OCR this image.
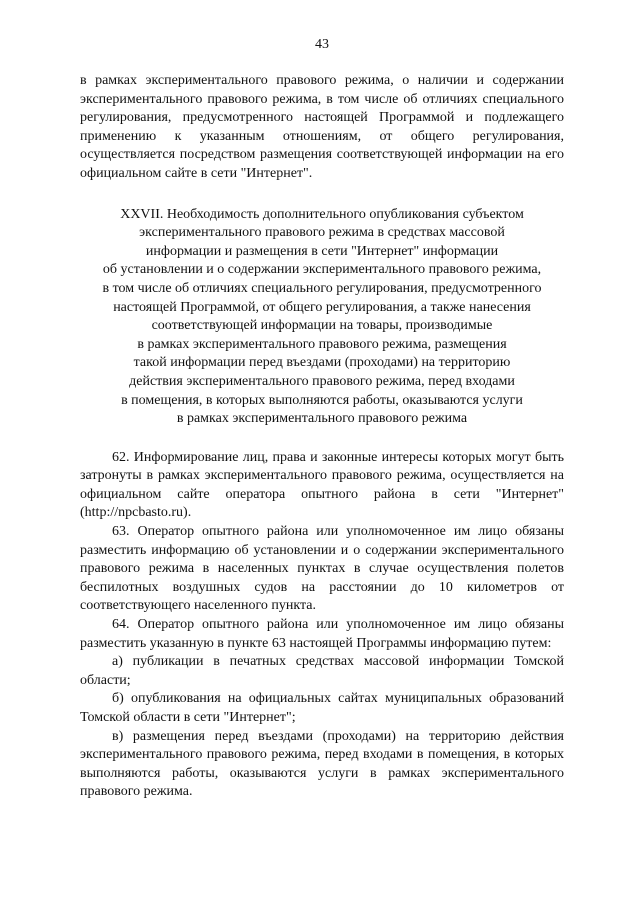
43

в рамках экспериментального правового режима, о наличии и содержании экспериментального правового режима, в том числе об отличиях специального регулирования, предусмотренного настоящей Программой и подлежащего применению к указанным отношениям, от общего регулирования, осуществляется посредством размещения соответствующей информации на его официальном сайте в сети "Интернет".

XXVII. Необходимость дополнительного опубликования субъектом
экспериментального правового режима в средствах массовой
информации и размещения в сети "Интернет" информации
об установлении и о содержании экспериментального правового режима,
в том числе об отличиях специального регулирования, предусмотренного
настоящей Программой, от общего регулирования, а также нанесения
соответствующей информации на товары, производимые
в рамках экспериментального правового режима, размещения
такой информации перед въездами (проходами) на территорию
действия экспериментального правового режима, перед входами
в помещения, в которых выполняются работы, оказываются услуги
в рамках экспериментального правового режима

62. Информирование лиц, права и законные интересы которых могут быть затронуты в рамках экспериментального правового режима, осуществляется на официальном сайте оператора опытного района в сети "Интернет" (http://npcbasto.ru).

63. Оператор опытного района или уполномоченное им лицо обязаны разместить информацию об установлении и о содержании экспериментального правового режима в населенных пунктах в случае осуществления полетов беспилотных воздушных судов на расстоянии до 10 километров от соответствующего населенного пункта.

64. Оператор опытного района или уполномоченное им лицо обязаны разместить указанную в пункте 63 настоящей Программы информацию путем:

а) публикации в печатных средствах массовой информации Томской области;

б) опубликования на официальных сайтах муниципальных образований Томской области в сети "Интернет";

в) размещения перед въездами (проходами) на территорию действия экспериментального правового режима, перед входами в помещения, в которых выполняются работы, оказываются услуги в рамках экспериментального правового режима.
